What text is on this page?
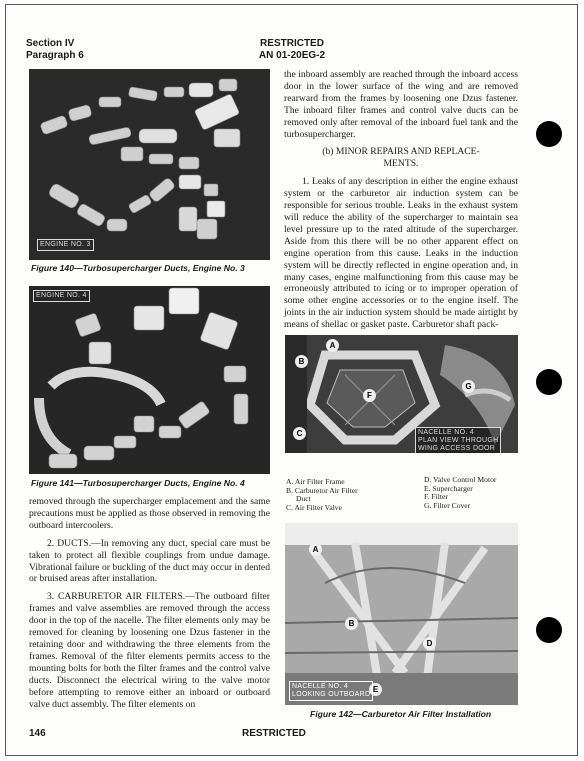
Section IV
Paragraph 6
RESTRICTED
AN 01-20EG-2
ENGINE NO. 3
Figure 140—Turbosupercharger Ducts, Engine No. 3
ENGINE NO. 4
Figure 141—Turbosupercharger Ducts, Engine No. 4

removed through the supercharger emplacement and the same precautions must be applied as those observed in removing the outboard intercoolers.

2. DUCTS.—In removing any duct, special care must be taken to protect all flexible couplings from undue damage. Vibrational failure or buckling of the duct may occur in dented or bruised areas after installation.

3. CARBURETOR AIR FILTERS.—The outboard filter frames and valve assemblies are removed through the access door in the top of the nacelle. The filter elements only may be removed for cleaning by loosening one Dzus fastener in the retaining door and withdrawing the three elements from the frames. Removal of the filter elements permits access to the mounting bolts for both the filter frames and the control valve ducts. Disconnect the electrical wiring to the valve motor before attempting to remove either an inboard or outboard valve duct assembly. The filter elements on

the inboard assembly are reached through the inboard access door in the lower surface of the wing and are removed rearward from the frames by loosening one Dzus fastener. The inboard filter frames and control valve ducts can be removed only after removal of the inboard fuel tank and the turbosupercharger.

(b) MINOR REPAIRS AND REPLACE-
MENTS.

1. Leaks of any description in either the engine exhaust system or the carburetor air induction system can be responsible for serious trouble. Leaks in the exhaust system will reduce the ability of the supercharger to maintain sea level pressure up to the rated altitude of the supercharger. Aside from this there will be no other apparent effect on engine operation from this cause. Leaks in the induction system will be directly reflected in engine operation and, in many cases, engine malfunctioning from this cause may be erroneously attributed to icing or to improper operation of some other engine accessories or to the engine itself. The joints in the air induction system should be made airtight by means of shellac or gasket paste. Carburetor shaft pack-

A
B
C
F
G
NACELLE NO. 4
PLAN VIEW THROUGH
WING ACCESS DOOR
A. Air Filter Frame
B. Carburetor Air Filter
Duct
C. Air Filter Valve
D. Valve Control Motor
E. Supercharger
F. Filter
G. Filter Cover
A
B
D
E
NACELLE NO. 4
LOOKING OUTBOARD
Figure 142—Carburetor Air Filter Installation
146	RESTRICTED
